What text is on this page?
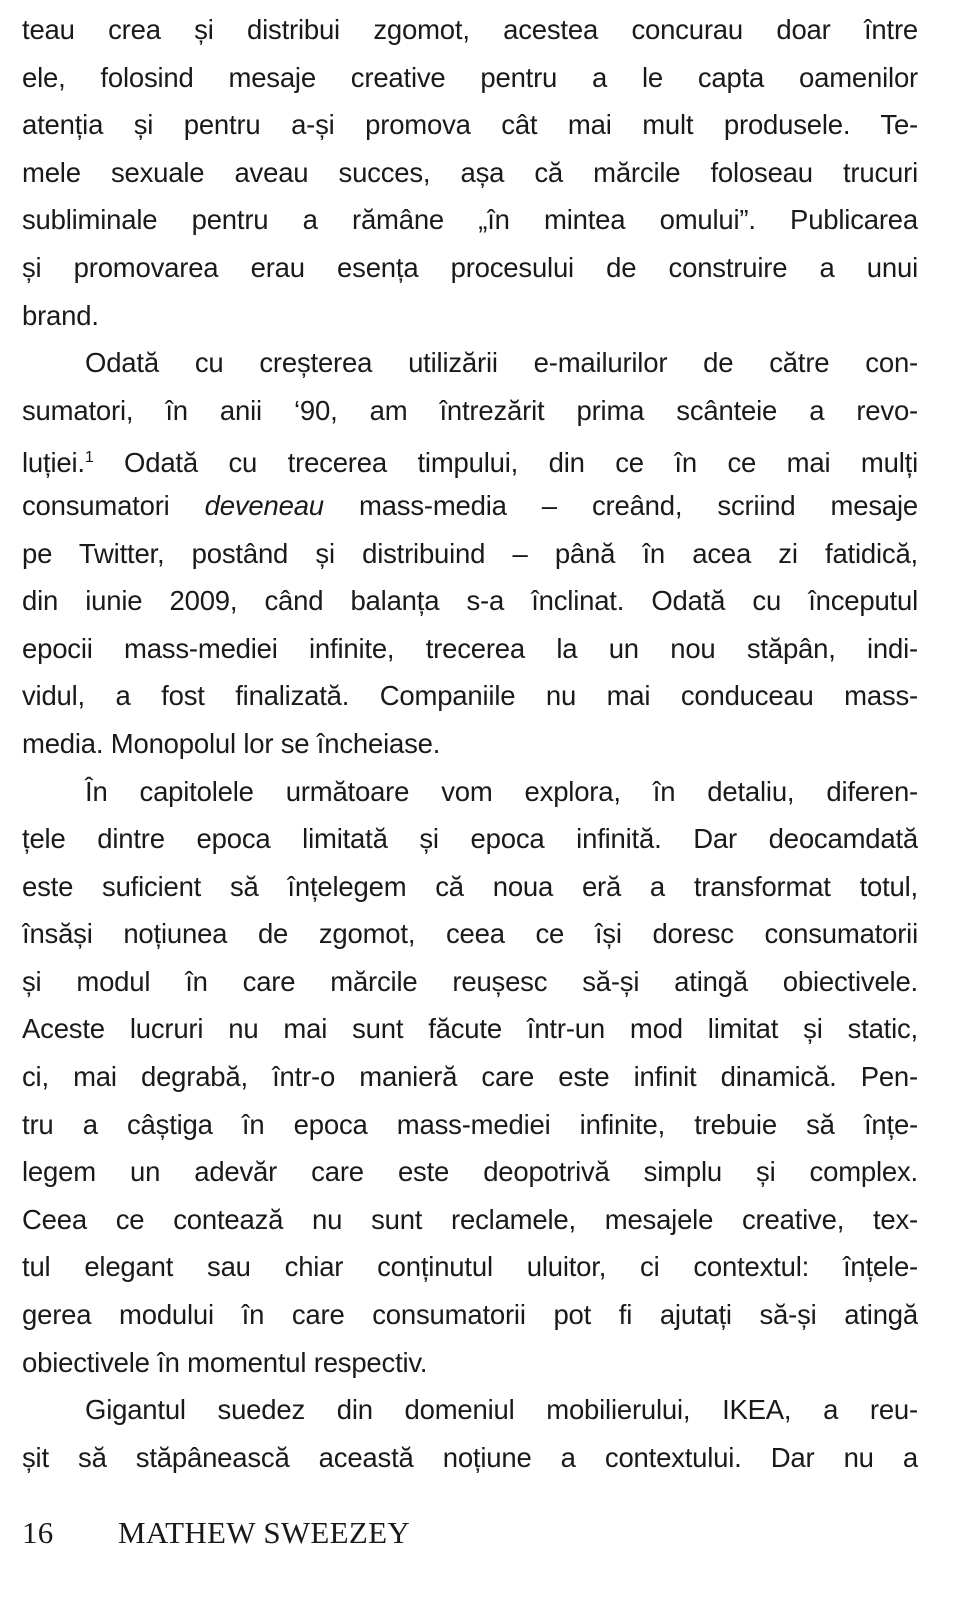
teau crea și distribui zgomot, acestea concurau doar între
ele, folosind mesaje creative pentru a le capta oamenilor
atenția și pentru a-și promova cât mai mult produsele. Te-
mele sexuale aveau succes, așa că mărcile foloseau trucuri
subliminale pentru a rămâne „în mintea omului”. Publicarea
și promovarea erau esența procesului de construire a unui
brand.
Odată cu creșterea utilizării e-mailurilor de către con-
sumatori, în anii ‘90, am întrezărit prima scânteie a revo-
luției.$^1$ Odată cu trecerea timpului, din ce în ce mai mulți
consumatori deveneau mass-media – creând, scriind mesaje
pe Twitter, postând și distribuind – până în acea zi fatidică,
din iunie 2009, când balanța s-a înclinat. Odată cu începutul
epocii mass-mediei infinite, trecerea la un nou stăpân, indi-
vidul, a fost finalizată. Companiile nu mai conduceau mass-
media. Monopolul lor se încheiase.
În capitolele următoare vom explora, în detaliu, diferen-
țele dintre epoca limitată și epoca infinită. Dar deocamdată
este suficient să înțelegem că noua eră a transformat totul,
însăși noțiunea de zgomot, ceea ce își doresc consumatorii
și modul în care mărcile reușesc să-și atingă obiectivele.
Aceste lucruri nu mai sunt făcute într-un mod limitat și static,
ci, mai degrabă, într-o manieră care este infinit dinamică. Pen-
tru a câștiga în epoca mass-mediei infinite, trebuie să înțe-
legem un adevăr care este deopotrivă simplu și complex.
Ceea ce contează nu sunt reclamele, mesajele creative, tex-
tul elegant sau chiar conținutul uluitor, ci contextul: înțele-
gerea modului în care consumatorii pot fi ajutați să-și atingă
obiectivele în momentul respectiv.
Gigantul suedez din domeniul mobilierului, IKEA, a reu-
șit să stăpânească această noțiune a contextului. Dar nu a
16 MATHEW SWEEZEY
